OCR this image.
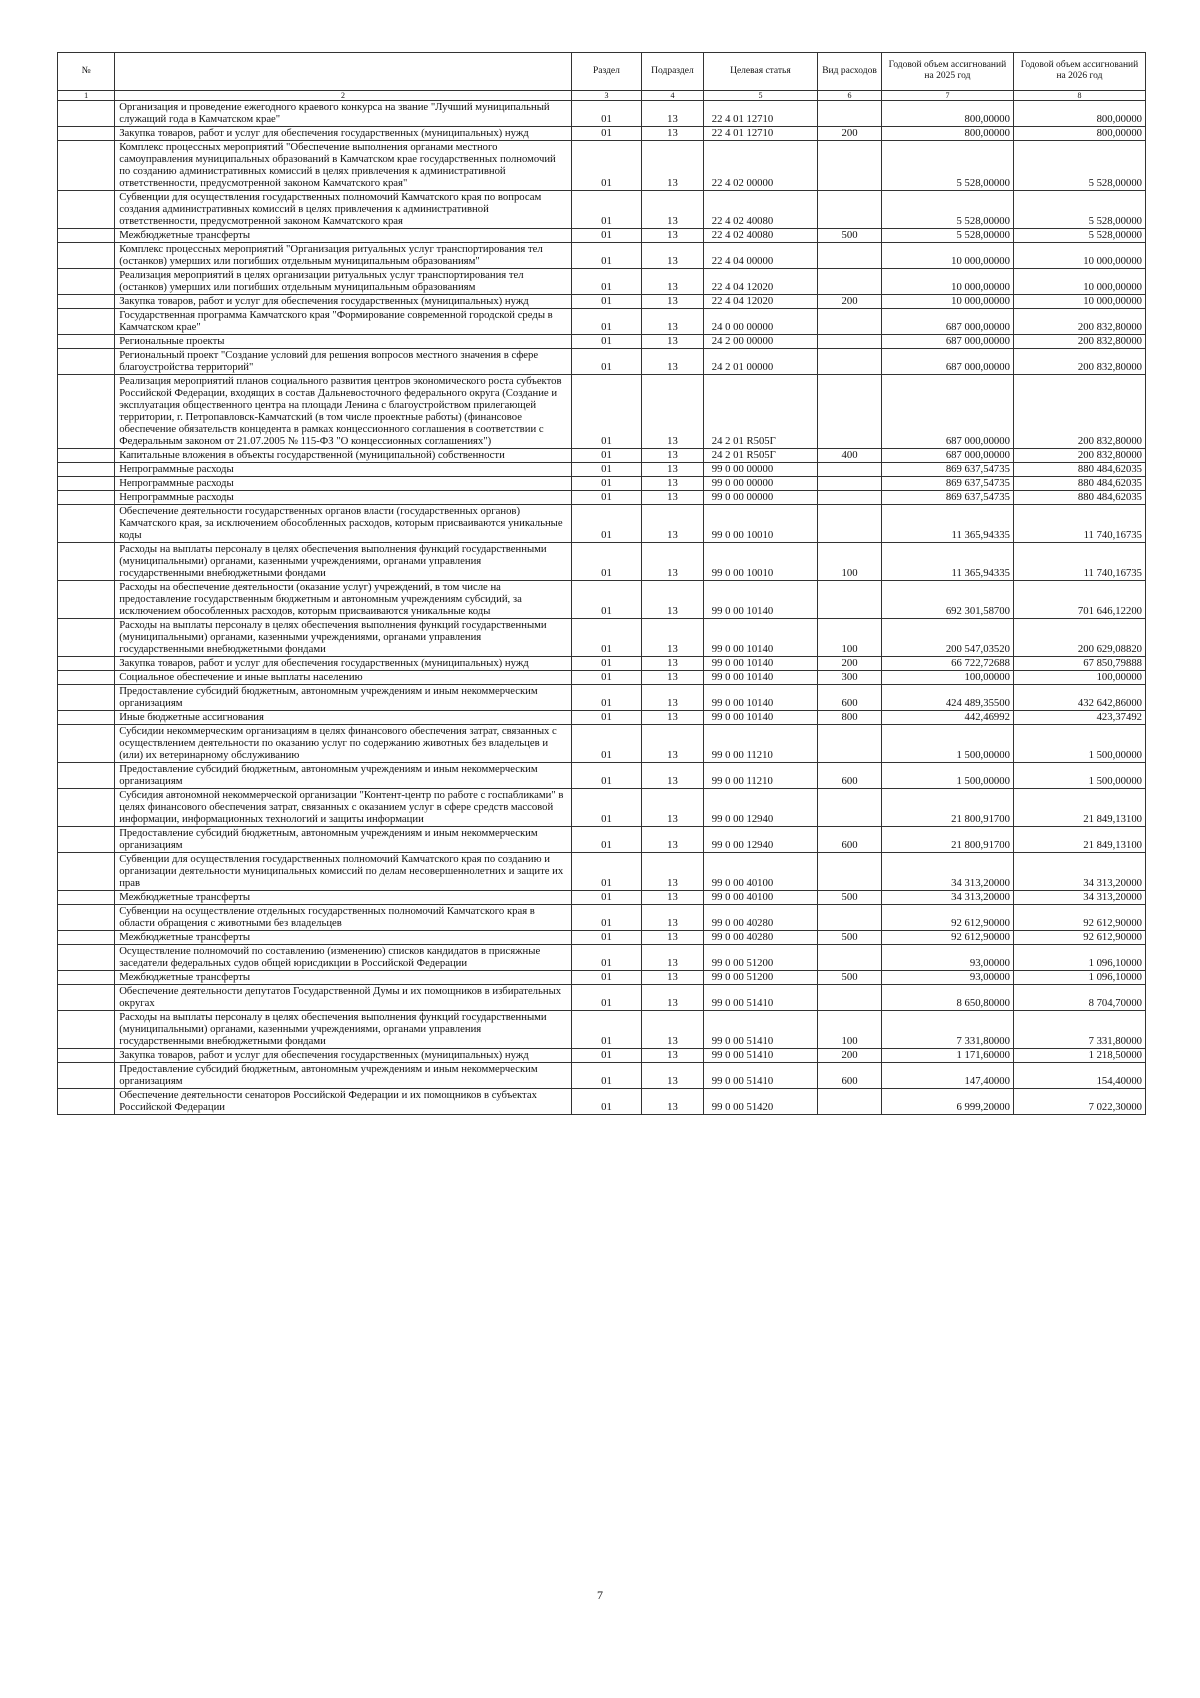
№		Раздел	Подраздел	Целевая статья	Вид расходов	Годовой объем ассигнований на 2025 год	Годовой объем ассигнований на 2026 год
1	2	3	4	5	6	7	8
	Организация и проведение ежегодного краевого конкурса на звание "Лучший муниципальный служащий года в Камчатском крае"	01	13	22 4 01 12710		800,00000	800,00000
	Закупка товаров, работ и услуг для обеспечения государственных (муниципальных) нужд	01	13	22 4 01 12710	200	800,00000	800,00000
	Комплекс процессных мероприятий "Обеспечение выполнения органами местного самоуправления муниципальных образований в Камчатском крае государственных полномочий по созданию административных комиссий в целях привлечения к административной ответственности, предусмотренной законом Камчатского края"	01	13	22 4 02 00000		5 528,00000	5 528,00000
	Субвенции для осуществления государственных полномочий Камчатского края по вопросам создания административных комиссий в целях привлечения к административной ответственности, предусмотренной законом Камчатского края	01	13	22 4 02 40080		5 528,00000	5 528,00000
	Межбюджетные трансферты	01	13	22 4 02 40080	500	5 528,00000	5 528,00000
	Комплекс процессных мероприятий "Организация ритуальных услуг транспортирования тел (останков) умерших или погибших отдельным муниципальным образованиям"	01	13	22 4 04 00000		10 000,00000	10 000,00000
	Реализация мероприятий в целях организации ритуальных услуг транспортирования тел (останков) умерших или погибших отдельным муниципальным образованиям	01	13	22 4 04 12020		10 000,00000	10 000,00000
	Закупка товаров, работ и услуг для обеспечения государственных (муниципальных) нужд	01	13	22 4 04 12020	200	10 000,00000	10 000,00000
	Государственная программа Камчатского края "Формирование современной городской среды в Камчатском крае"	01	13	24 0 00 00000		687 000,00000	200 832,80000
	Региональные проекты	01	13	24 2 00 00000		687 000,00000	200 832,80000
	Региональный проект "Создание условий для решения вопросов местного значения в сфере благоустройства территорий"	01	13	24 2 01 00000		687 000,00000	200 832,80000
	Реализация мероприятий планов социального развития центров экономического роста субъектов Российской Федерации, входящих в состав Дальневосточного федерального округа (Создание и эксплуатация общественного центра на площади Ленина с благоустройством прилегающей территории, г. Петропавловск-Камчатский (в том числе проектные работы) (финансовое обеспечение обязательств концедента в рамках концессионного соглашения в соответствии с Федеральным законом от 21.07.2005 № 115-ФЗ "О концессионных соглашениях")	01	13	24 2 01 R505Г		687 000,00000	200 832,80000
	Капитальные вложения в объекты государственной (муниципальной) собственности	01	13	24 2 01 R505Г	400	687 000,00000	200 832,80000
	Непрограммные расходы	01	13	99 0 00 00000		869 637,54735	880 484,62035
	Непрограммные расходы	01	13	99 0 00 00000		869 637,54735	880 484,62035
	Непрограммные расходы	01	13	99 0 00 00000		869 637,54735	880 484,62035
	Обеспечение деятельности государственных органов власти (государственных органов) Камчатского края, за исключением обособленных расходов, которым присваиваются уникальные коды	01	13	99 0 00 10010		11 365,94335	11 740,16735
	Расходы на выплаты персоналу в целях обеспечения выполнения функций государственными (муниципальными) органами, казенными учреждениями, органами управления государственными внебюджетными фондами	01	13	99 0 00 10010	100	11 365,94335	11 740,16735
	Расходы на обеспечение деятельности (оказание услуг) учреждений, в том числе на предоставление государственным бюджетным и автономным учреждениям субсидий, за исключением обособленных расходов, которым присваиваются уникальные коды	01	13	99 0 00 10140		692 301,58700	701 646,12200
	Расходы на выплаты персоналу в целях обеспечения выполнения функций государственными (муниципальными) органами, казенными учреждениями, органами управления государственными внебюджетными фондами	01	13	99 0 00 10140	100	200 547,03520	200 629,08820
	Закупка товаров, работ и услуг для обеспечения государственных (муниципальных) нужд	01	13	99 0 00 10140	200	66 722,72688	67 850,79888
	Социальное обеспечение и иные выплаты населению	01	13	99 0 00 10140	300	100,00000	100,00000
	Предоставление субсидий бюджетным, автономным учреждениям и иным некоммерческим организациям	01	13	99 0 00 10140	600	424 489,35500	432 642,86000
	Иные бюджетные ассигнования	01	13	99 0 00 10140	800	442,46992	423,37492
	Субсидии некоммерческим организациям в целях финансового обеспечения затрат, связанных с осуществлением деятельности по оказанию услуг по содержанию животных без владельцев и (или) их ветеринарному обслуживанию	01	13	99 0 00 11210		1 500,00000	1 500,00000
	Предоставление субсидий бюджетным, автономным учреждениям и иным некоммерческим организациям	01	13	99 0 00 11210	600	1 500,00000	1 500,00000
	Субсидия автономной некоммерческой организации "Контент-центр по работе с госпабликами" в целях финансового обеспечения затрат, связанных с оказанием услуг в сфере средств массовой информации, информационных технологий и защиты информации	01	13	99 0 00 12940		21 800,91700	21 849,13100
	Предоставление субсидий бюджетным, автономным учреждениям и иным некоммерческим организациям	01	13	99 0 00 12940	600	21 800,91700	21 849,13100
	Субвенции для осуществления государственных полномочий Камчатского края по созданию и организации деятельности муниципальных комиссий по делам несовершеннолетних и защите их прав	01	13	99 0 00 40100		34 313,20000	34 313,20000
	Межбюджетные трансферты	01	13	99 0 00 40100	500	34 313,20000	34 313,20000
	Субвенции на осуществление отдельных государственных полномочий Камчатского края в области обращения с животными без владельцев	01	13	99 0 00 40280		92 612,90000	92 612,90000
	Межбюджетные трансферты	01	13	99 0 00 40280	500	92 612,90000	92 612,90000
	Осуществление полномочий по составлению (изменению) списков кандидатов в присяжные заседатели федеральных судов общей юрисдикции в Российской Федерации	01	13	99 0 00 51200		93,00000	1 096,10000
	Межбюджетные трансферты	01	13	99 0 00 51200	500	93,00000	1 096,10000
	Обеспечение деятельности депутатов Государственной Думы и их помощников в избирательных округах	01	13	99 0 00 51410		8 650,80000	8 704,70000
	Расходы на выплаты персоналу в целях обеспечения выполнения функций государственными (муниципальными) органами, казенными учреждениями, органами управления государственными внебюджетными фондами	01	13	99 0 00 51410	100	7 331,80000	7 331,80000
	Закупка товаров, работ и услуг для обеспечения государственных (муниципальных) нужд	01	13	99 0 00 51410	200	1 171,60000	1 218,50000
	Предоставление субсидий бюджетным, автономным учреждениям и иным некоммерческим организациям	01	13	99 0 00 51410	600	147,40000	154,40000
	Обеспечение деятельности сенаторов Российской Федерации и их помощников в субъектах Российской Федерации	01	13	99 0 00 51420		6 999,20000	7 022,30000
7
